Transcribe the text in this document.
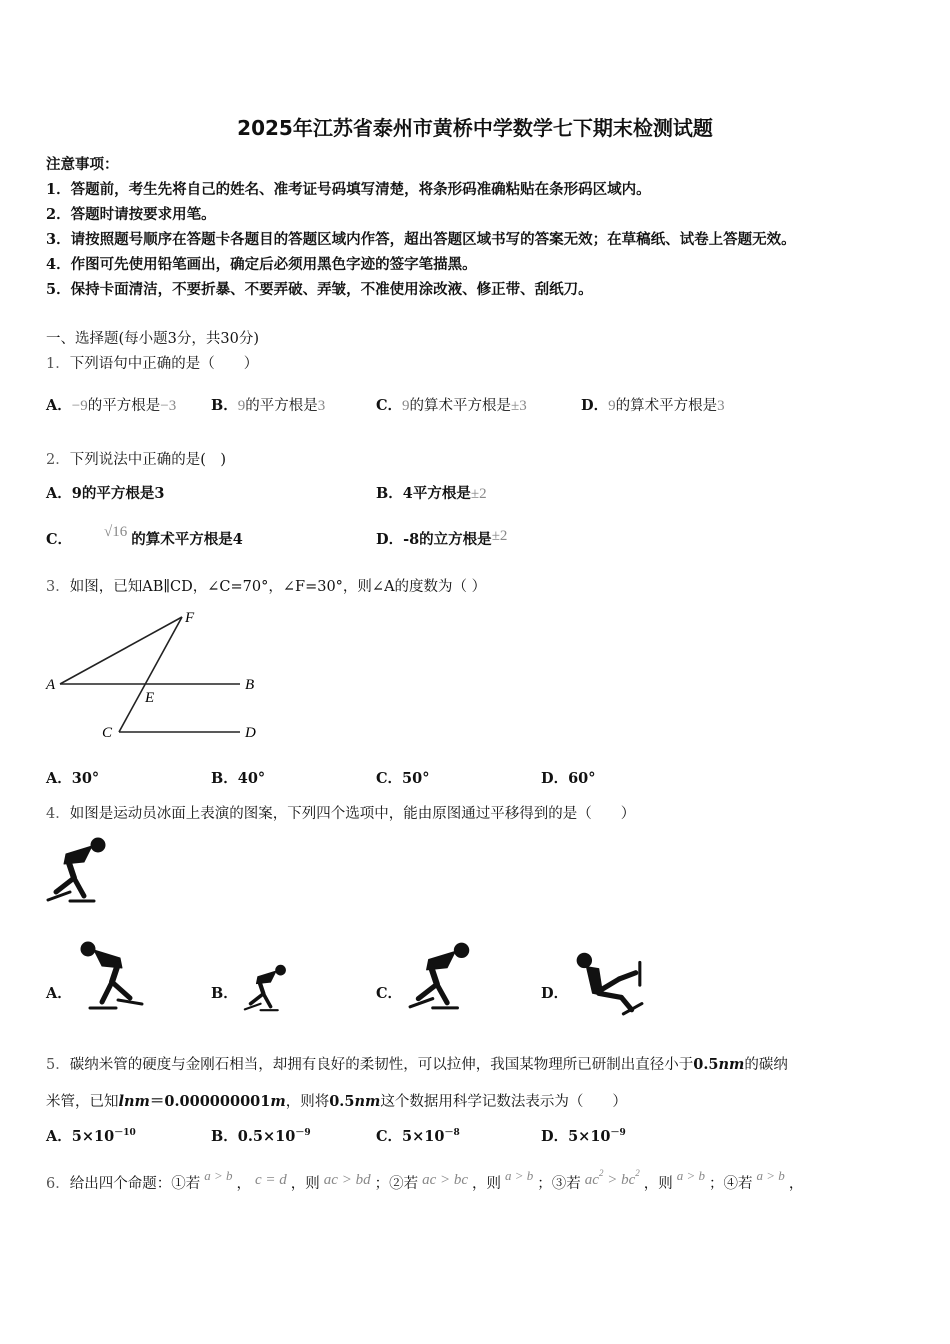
2025年江苏省泰州市黄桥中学数学七下期末检测试题
注意事项：
1．答题前，考生先将自己的姓名、准考证号码填写清楚，将条形码准确粘贴在条形码区域内。
2．答题时请按要求用笔。
3．请按照题号顺序在答题卡各题目的答题区域内作答，超出答题区域书写的答案无效；在草稿纸、试卷上答题无效。
4．作图可先使用铅笔画出，确定后必须用黑色字迹的签字笔描黑。
5．保持卡面清洁，不要折暴、不要弄破、弄皱，不准使用涂改液、修正带、刮纸刀。
一、选择题(每小题3分，共30分)
1．下列语句中正确的是（　　）
A．−9的平方根是−3 B．9的平方根是3	C．9的算术平方根是±3	D．9的算术平方根是3
2．下列说法中正确的是(　)
A．9的平方根是3	B．4平方根是±2
C． √16 的算术平方根是4	D．-8的立方根是±2
3．如图，已知AB∥CD，∠C=70°，∠F=30°，则∠A的度数为（ ）
A	B
C	D
E
F
A．30°	B．40°	C．50°	D．60°
4．如图是运动员冰面上表演的图案，下列四个选项中，能由原图通过平移得到的是（　　）
A．	B．	C．	D．
5．碳纳米管的硬度与金刚石相当，却拥有良好的柔韧性，可以拉伸，我国某物理所已研制出直径小于0.5nm的碳纳
米管，已知lnm＝0.000000001m，则将0.5nm这个数据用科学记数法表示为（　　）
A．$5\times 10^{-10}$	B．$0.5\times 10^{-9}$	C．$5\times 10^{-8}$	D．$5\times 10^{-9}$
6．给出四个命题：①若a > b， c = d ，则 ac > bd ；②若 ac > bc ，则a > b；③若 $ac^2 > bc^2$，则a > b；④若a > b，
